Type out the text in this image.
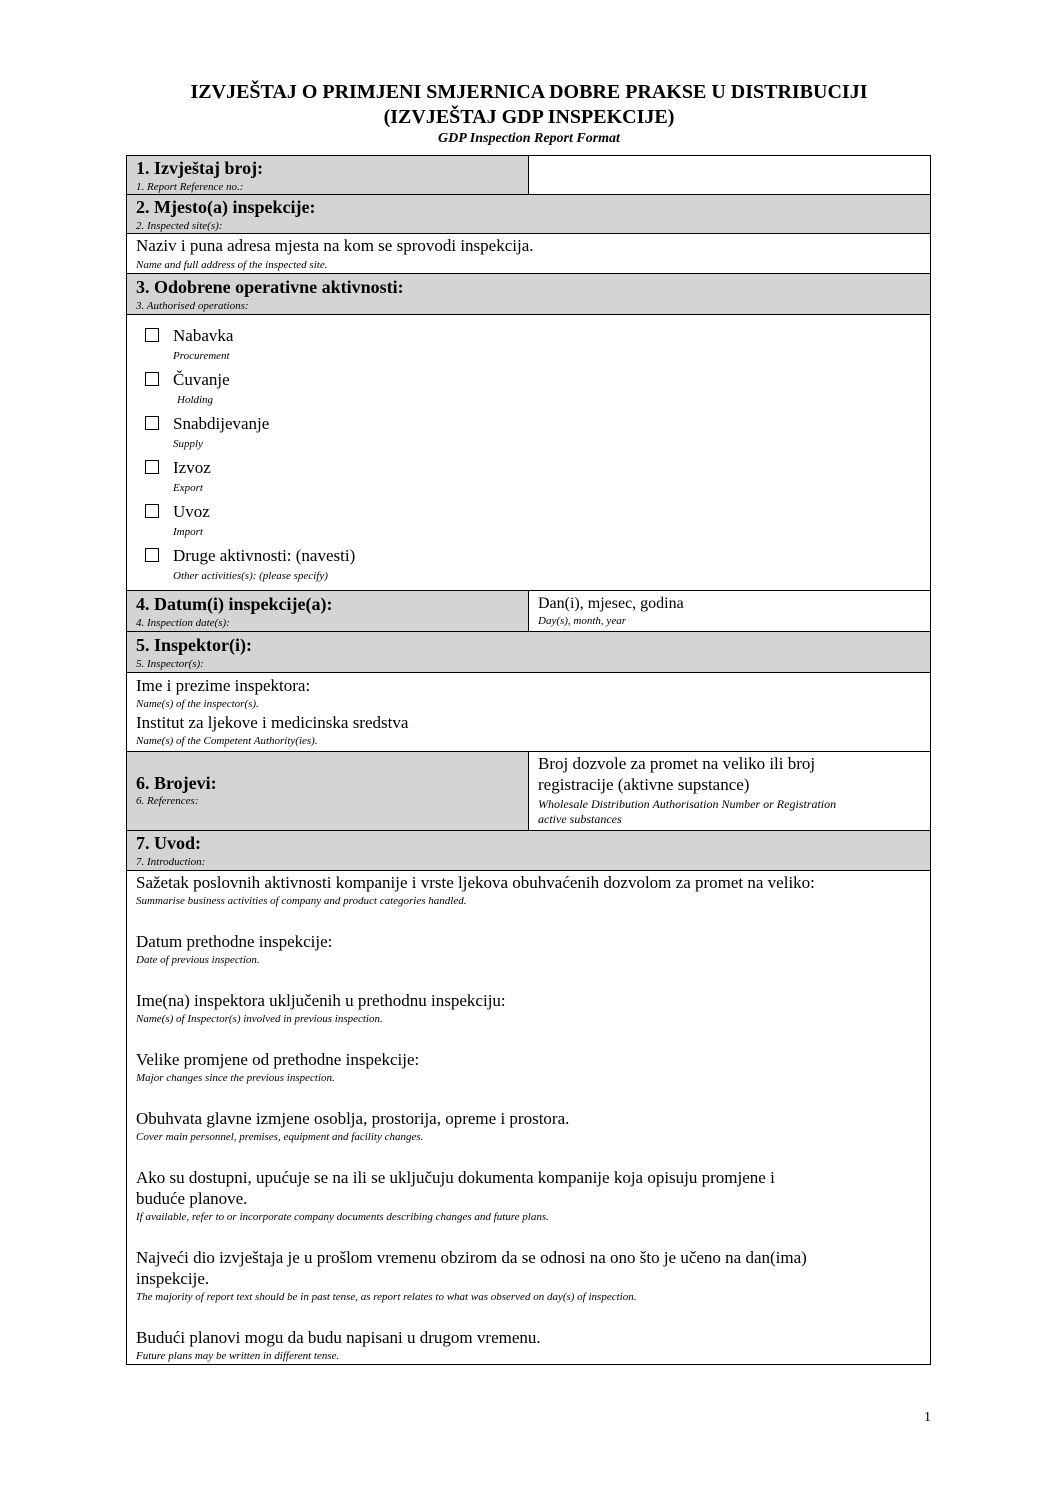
IZVJEŠTAJ O PRIMJENI SMJERNICA DOBRE PRAKSE U DISTRIBUCIJI
(IZVJEŠTAJ GDP INSPEKCIJE)
GDP Inspection Report Format
1. Izvještaj broj:
1. Report Reference no.:
2. Mjesto(a) inspekcije:
2. Inspected site(s):
Naziv i puna adresa mjesta na kom se sprovodi inspekcija.
Name and full address of the inspected site.
3. Odobrene operativne aktivnosti:
3. Authorised operations:
Nabavka
Procurement
Čuvanje
Holding
Snabdijevanje
Supply
Izvoz
Export
Uvoz
Import
Druge aktivnosti: (navesti)
Other activities(s): (please specify)
4. Datum(i) inspekcije(a):
4. Inspection date(s):
Dan(i), mjesec, godina
Day(s), month, year
5. Inspektor(i):
5. Inspector(s):
Ime i prezime inspektora:
Name(s) of the inspector(s).
Institut za ljekove i medicinska sredstva
Name(s) of the Competent Authority(ies).
6. Brojevi:
6. References:
Broj dozvole za promet na veliko ili broj
registracije (aktivne supstance)
Wholesale Distribution Authorisation Number or Registration
active substances
7. Uvod:
7. Introduction:
Sažetak poslovnih aktivnosti kompanije i vrste ljekova obuhvaćenih dozvolom za promet na veliko:
Summarise business activities of company and product categories handled.
Datum prethodne inspekcije:
Date of previous inspection.
Ime(na) inspektora uključenih u prethodnu inspekciju:
Name(s) of Inspector(s) involved in previous inspection.
Velike promjene od prethodne inspekcije:
Major changes since the previous inspection.
Obuhvata glavne izmjene osoblja, prostorija, opreme i prostora.
Cover main personnel, premises, equipment and facility changes.
Ako su dostupni, upućuje se na ili se uključuju dokumenta kompanije koja opisuju promjene i
buduće planove.
If available, refer to or incorporate company documents describing changes and future plans.
Najveći dio izvještaja je u prošlom vremenu obzirom da se odnosi na ono što je učeno na dan(ima)
inspekcije.
The majority of report text should be in past tense, as report relates to what was observed on day(s) of inspection.
Budući planovi mogu da budu napisani u drugom vremenu.
Future plans may be written in different tense.
1
